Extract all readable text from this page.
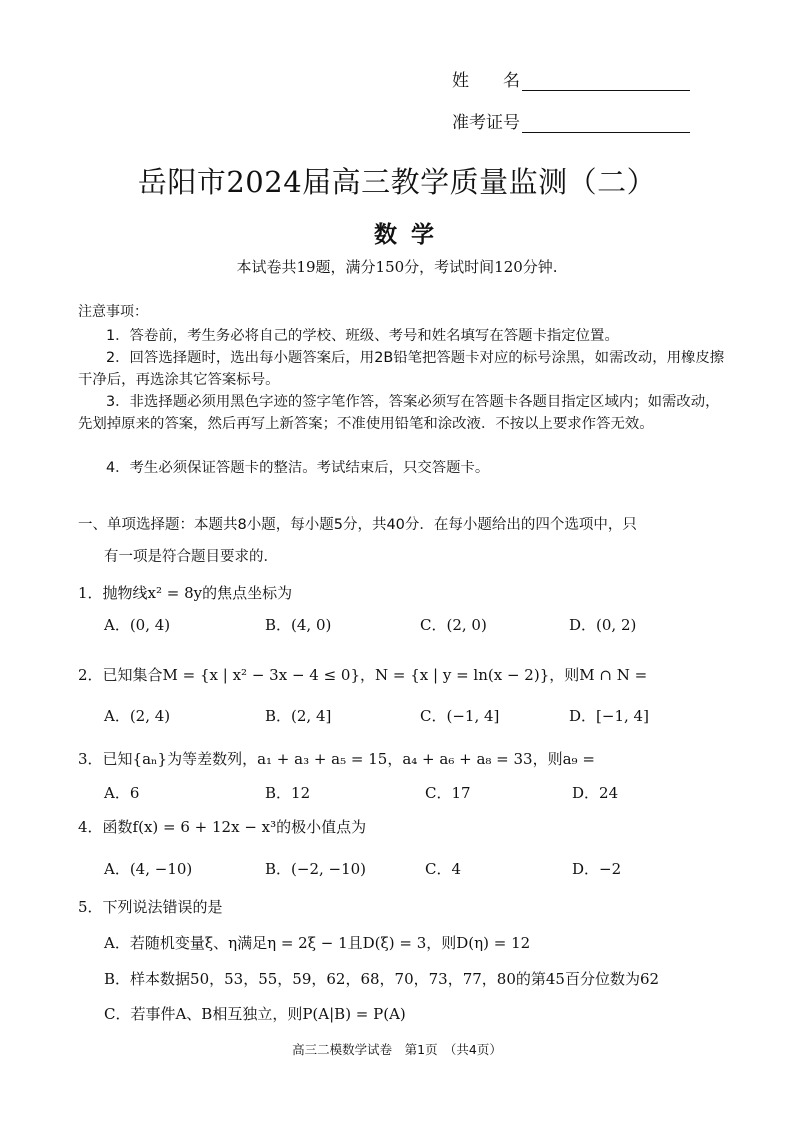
姓　　名
准考证号
岳阳市2024届高三教学质量监测（二）
数学
本试卷共19题，满分150分，考试时间120分钟.
注意事项：
1．答卷前，考生务必将自己的学校、班级、考号和姓名填写在答题卡指定位置。
2．回答选择题时，选出每小题答案后，用2B铅笔把答题卡对应的标号涂黑，如需改动，用橡皮擦干净后，再选涂其它答案标号。
3．非选择题必须用黑色字迹的签字笔作答，答案必须写在答题卡各题目指定区域内；如需改动，先划掉原来的答案，然后再写上新答案；不准使用铅笔和涂改液．不按以上要求作答无效。
4．考生必须保证答题卡的整洁。考试结束后，只交答题卡。
一、单项选择题：本题共8小题，每小题5分，共40分．在每小题给出的四个选项中，只
有一项是符合题目要求的．
1．抛物线x² = 8y的焦点坐标为
A．(0, 4)	B．(4, 0)	C．(2, 0)	D．(0, 2)
2．已知集合M = {x | x² − 3x − 4 ≤ 0}，N = {x | y = ln(x − 2)}，则M ∩ N =
A．(2, 4)	B．(2, 4]	C．(−1, 4]	D．[−1, 4]
3．已知{aₙ}为等差数列，a₁ + a₃ + a₅ = 15，a₄ + a₆ + a₈ = 33，则a₉ =
A．6	B．12	C．17	D．24
4．函数f(x) = 6 + 12x − x³的极小值点为
A．(4, −10)	B．(−2, −10)	C．4	D．−2
5．下列说法错误的是
A．若随机变量ξ、η满足η = 2ξ − 1且D(ξ) = 3，则D(η) = 12
B．样本数据50，53，55，59，62，68，70，73，77，80的第45百分位数为62
C．若事件A、B相互独立，则P(A|B) = P(A)
高三二模数学试卷　第1页　（共4页）
